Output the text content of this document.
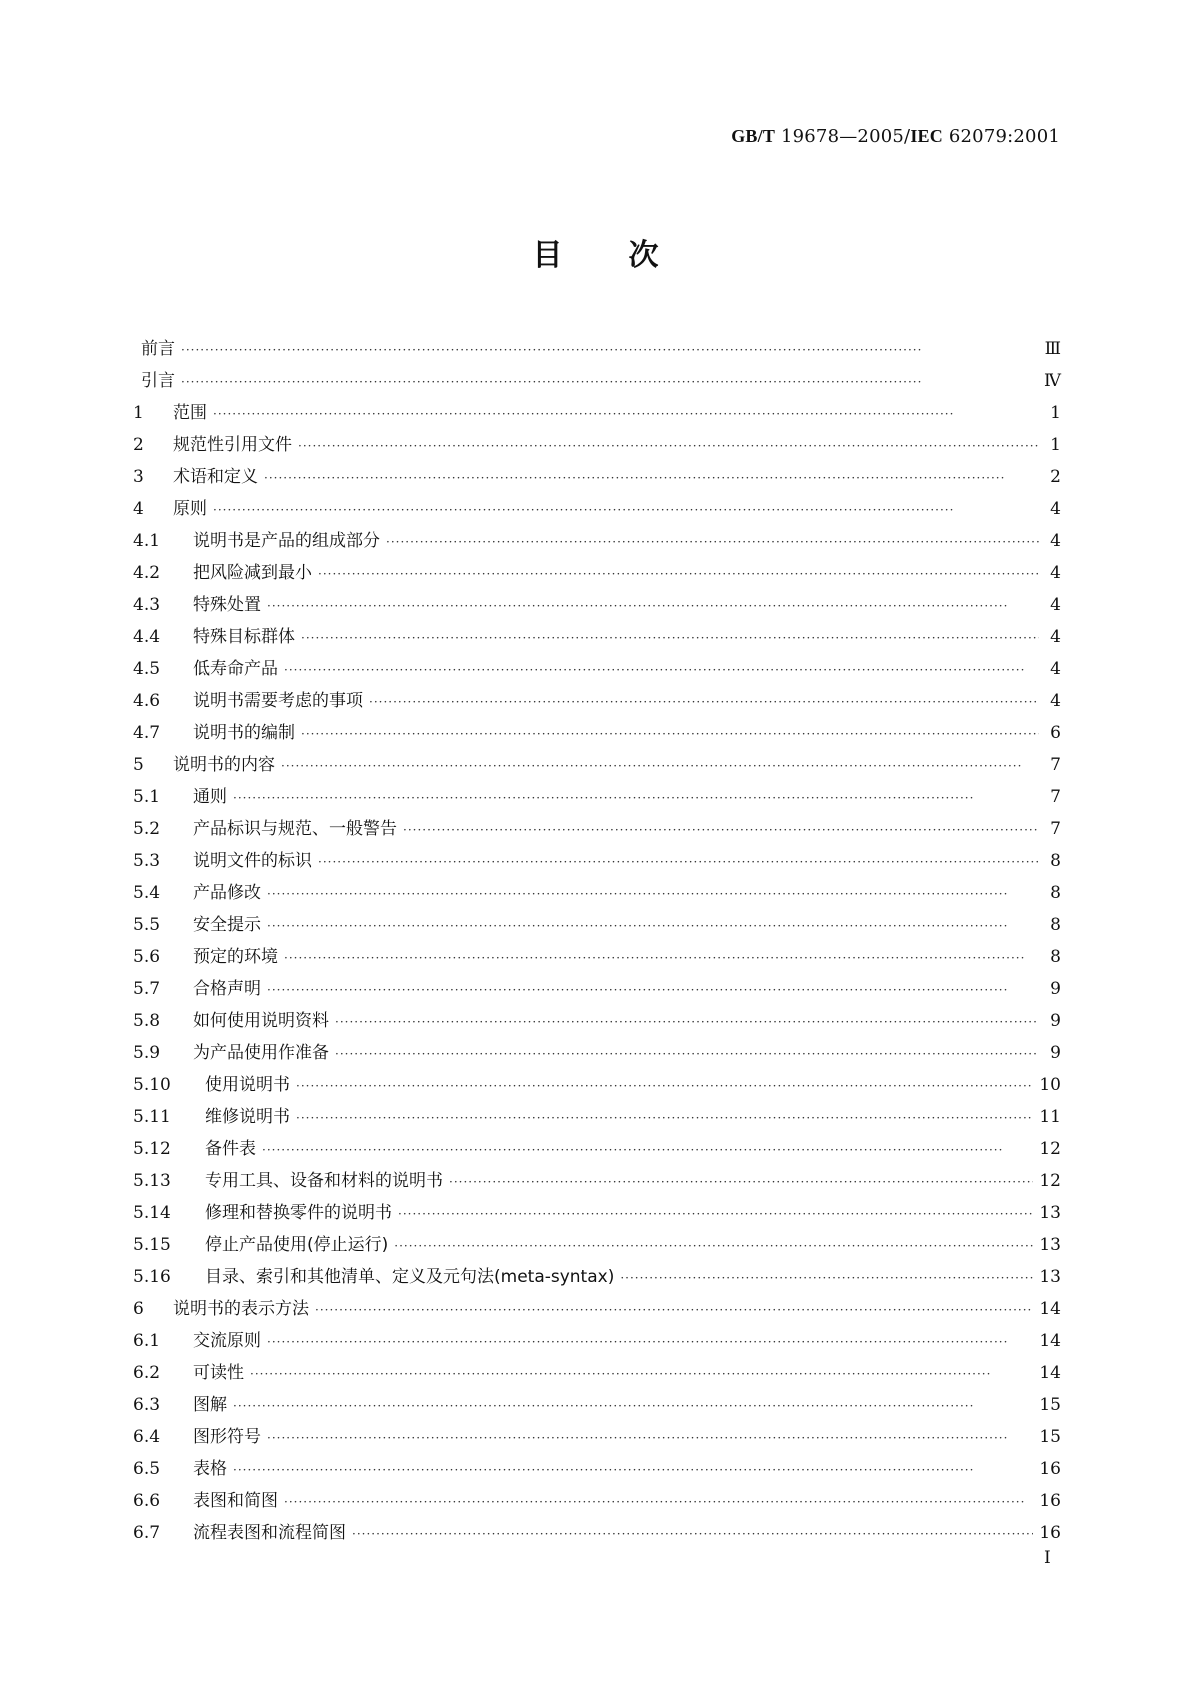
GB/T 19678—2005/IEC 62079:2001
目 次
前言 ·····	Ⅲ
引言 ·····	Ⅳ
1	范围 ·····	1
2	规范性引用文件 ·····	1
3	术语和定义 ·····	2
4	原则 ·····	4
4.1	说明书是产品的组成部分 ·····	4
4.2	把风险减到最小 ·····	4
4.3	特殊处置 ·····	4
4.4	特殊目标群体 ·····	4
4.5	低寿命产品 ·····	4
4.6	说明书需要考虑的事项 ·····	4
4.7	说明书的编制 ·····	6
5	说明书的内容 ·····	7
5.1	通则 ·····	7
5.2	产品标识与规范、一般警告 ·····	7
5.3	说明文件的标识 ·····	8
5.4	产品修改 ·····	8
5.5	安全提示 ·····	8
5.6	预定的环境 ·····	8
5.7	合格声明 ·····	9
5.8	如何使用说明资料 ·····	9
5.9	为产品使用作准备 ·····	9
5.10	使用说明书 ·····	10
5.11	维修说明书 ·····	11
5.12	备件表 ·····	12
5.13	专用工具、设备和材料的说明书 ·····	12
5.14	修理和替换零件的说明书 ·····	13
5.15	停止产品使用(停止运行) ·····	13
5.16	目录、索引和其他清单、定义及元句法(meta-syntax) ·····	13
6	说明书的表示方法 ·····	14
6.1	交流原则 ·····	14
6.2	可读性 ·····	14
6.3	图解 ·····	15
6.4	图形符号 ·····	15
6.5	表格 ·····	16
6.6	表图和简图 ·····	16
6.7	流程表图和流程简图 ·····	16
I
